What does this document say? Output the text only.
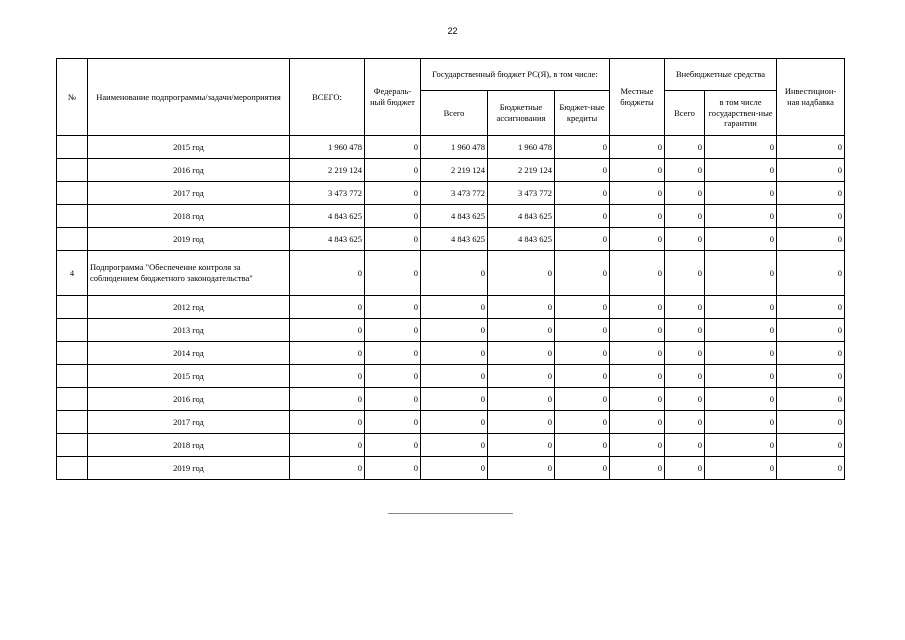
22
№	Наименование подпрограммы/задачи/мероприятия	ВСЕГО:	Федераль-ный бюджет	Государственный бюджет РС(Я), в том числе:			Местные бюджеты	Внебюджетные средства		Инвестицион-ная надбавка
				Всего	Бюджетные ассигнования	Бюджет-ные кредиты		Всего	в том числе государствен-ные гарантии	
	2015 год	1 960 478	0	1 960 478	1 960 478	0	0	0	0	0
	2016 год	2 219 124	0	2 219 124	2 219 124	0	0	0	0	0
	2017 год	3 473 772	0	3 473 772	3 473 772	0	0	0	0	0
	2018 год	4 843 625	0	4 843 625	4 843 625	0	0	0	0	0
	2019 год	4 843 625	0	4 843 625	4 843 625	0	0	0	0	0
4	Подпрограмма "Обеспечение контроля за соблюдением бюджетного законодательства"	0	0	0	0	0	0	0	0	0
	2012 год	0	0	0	0	0	0	0	0	0
	2013 год	0	0	0	0	0	0	0	0	0
	2014 год	0	0	0	0	0	0	0	0	0
	2015 год	0	0	0	0	0	0	0	0	0
	2016 год	0	0	0	0	0	0	0	0	0
	2017 год	0	0	0	0	0	0	0	0	0
	2018 год	0	0	0	0	0	0	0	0	0
	2019 год	0	0	0	0	0	0	0	0	0
